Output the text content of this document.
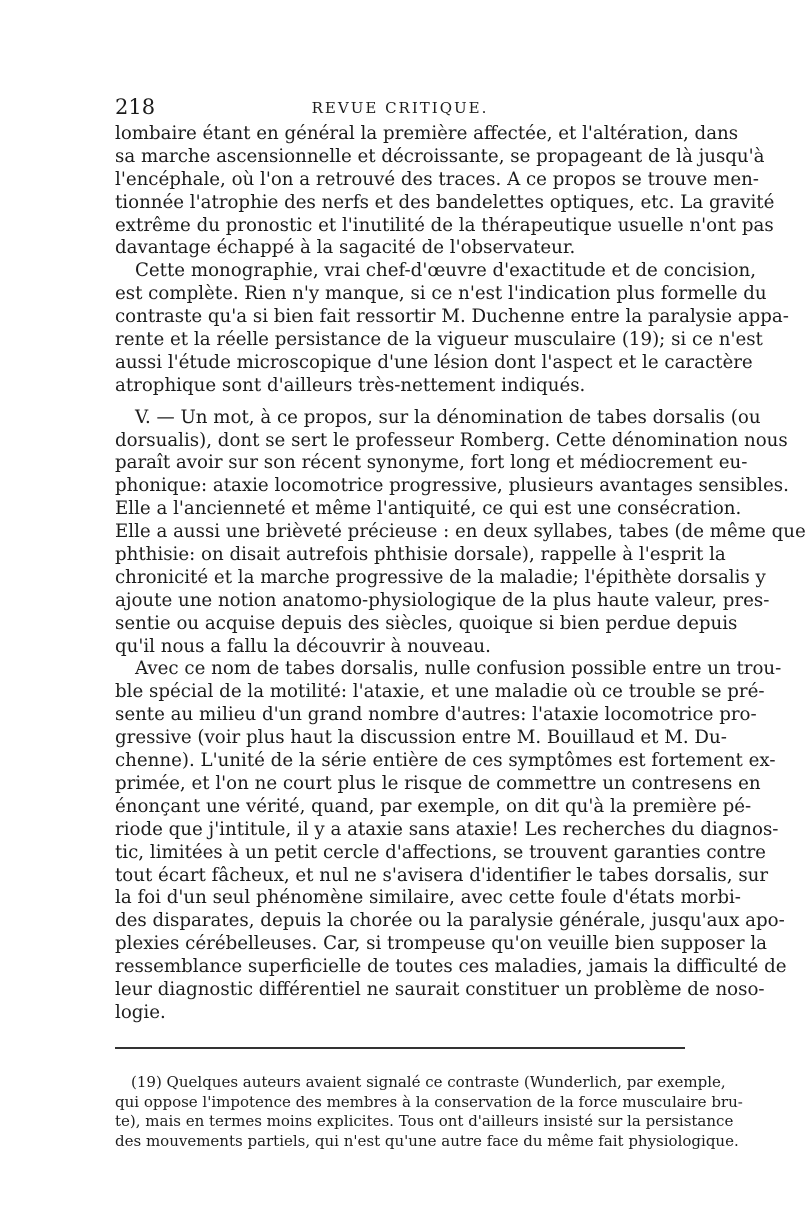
218	REVUE CRITIQUE.
lombaire étant en général la première affectée, et l'altération, dans
sa marche ascensionnelle et décroissante, se propageant de là jusqu'à
l'encéphale, où l'on a retrouvé des traces. A ce propos se trouve men-
tionnée l'atrophie des nerfs et des bandelettes optiques, etc. La gravité
extrême du pronostic et l'inutilité de la thérapeutique usuelle n'ont pas
davantage échappé à la sagacité de l'observateur.
Cette monographie, vrai chef-d'œuvre d'exactitude et de concision,
est complète. Rien n'y manque, si ce n'est l'indication plus formelle du
contraste qu'a si bien fait ressortir M. Duchenne entre la paralysie appa-
rente et la réelle persistance de la vigueur musculaire (19); si ce n'est
aussi l'étude microscopique d'une lésion dont l'aspect et le caractère
atrophique sont d'ailleurs très-nettement indiqués.
V. — Un mot, à ce propos, sur la dénomination de tabes dorsalis (ou
dorsualis), dont se sert le professeur Romberg. Cette dénomination nous
paraît avoir sur son récent synonyme, fort long et médiocrement eu-
phonique: ataxie locomotrice progressive, plusieurs avantages sensibles.
Elle a l'ancienneté et même l'antiquité, ce qui est une consécration.
Elle a aussi une brièveté précieuse : en deux syllabes, tabes (de même que
phthisie: on disait autrefois phthisie dorsale), rappelle à l'esprit la
chronicité et la marche progressive de la maladie; l'épithète dorsalis y
ajoute une notion anatomo-physiologique de la plus haute valeur, pres-
sentie ou acquise depuis des siècles, quoique si bien perdue depuis
qu'il nous a fallu la découvrir à nouveau.
Avec ce nom de tabes dorsalis, nulle confusion possible entre un trou-
ble spécial de la motilité: l'ataxie, et une maladie où ce trouble se pré-
sente au milieu d'un grand nombre d'autres: l'ataxie locomotrice pro-
gressive (voir plus haut la discussion entre M. Bouillaud et M. Du-
chenne). L'unité de la série entière de ces symptômes est fortement ex-
primée, et l'on ne court plus le risque de commettre un contresens en
énonçant une vérité, quand, par exemple, on dit qu'à la première pé-
riode que j'intitule, il y a ataxie sans ataxie! Les recherches du diagnos-
tic, limitées à un petit cercle d'affections, se trouvent garanties contre
tout écart fâcheux, et nul ne s'avisera d'identifier le tabes dorsalis, sur
la foi d'un seul phénomène similaire, avec cette foule d'états morbi-
des disparates, depuis la chorée ou la paralysie générale, jusqu'aux apo-
plexies cérébelleuses. Car, si trompeuse qu'on veuille bien supposer la
ressemblance superficielle de toutes ces maladies, jamais la difficulté de
leur diagnostic différentiel ne saurait constituer un problème de noso-
logie.
(19) Quelques auteurs avaient signalé ce contraste (Wunderlich, par exemple,
qui oppose l'impotence des membres à la conservation de la force musculaire bru-
te), mais en termes moins explicites. Tous ont d'ailleurs insisté sur la persistance
des mouvements partiels, qui n'est qu'une autre face du même fait physiologique.
